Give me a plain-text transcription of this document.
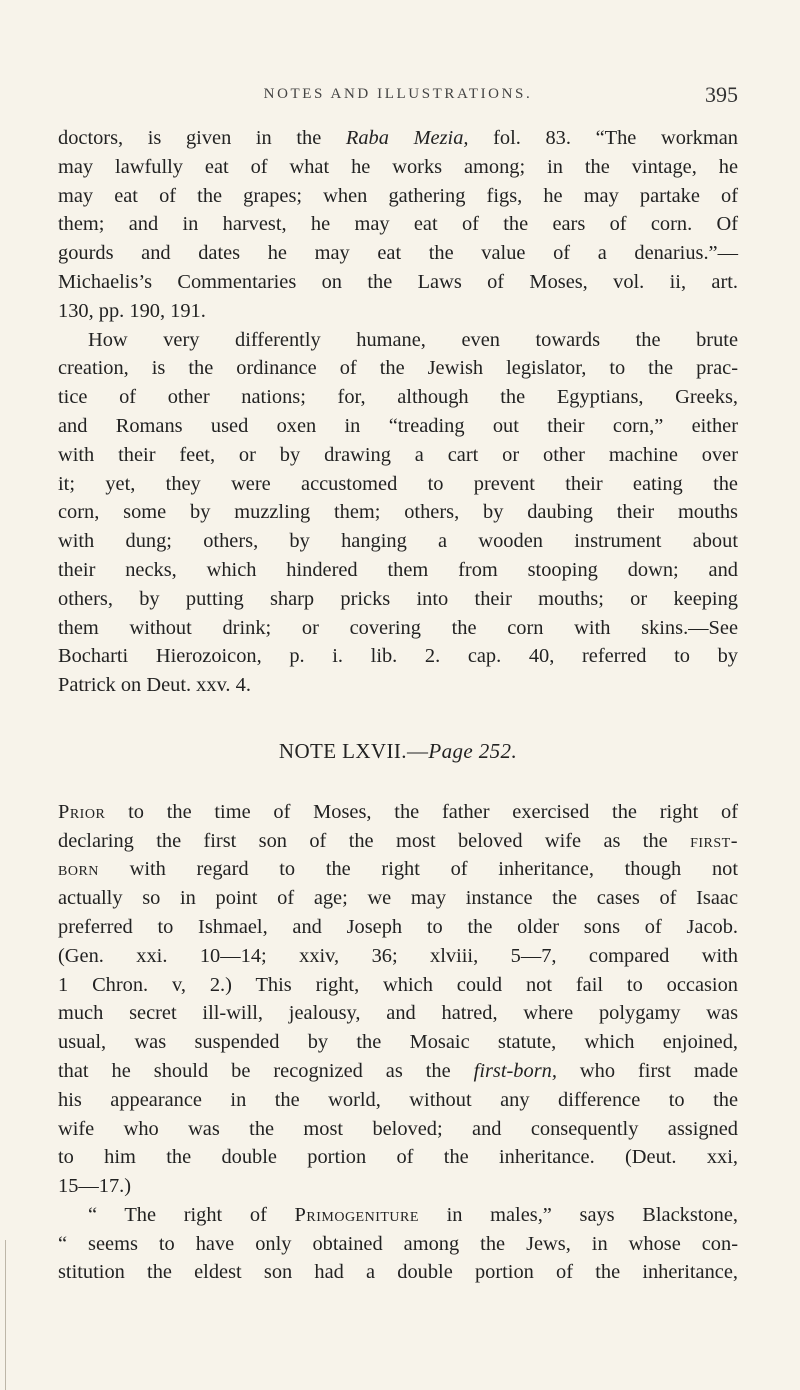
NOTES AND ILLUSTRATIONS.	395
doctors, is given in the Raba Mezia, fol. 83. “The workman
may lawfully eat of what he works among; in the vintage, he
may eat of the grapes; when gathering figs, he may partake of
them; and in harvest, he may eat of the ears of corn. Of
gourds and dates he may eat the value of a denarius.”—
Michaelis’s Commentaries on the Laws of Moses, vol. ii, art.
130, pp. 190, 191.
How very differently humane, even towards the brute
creation, is the ordinance of the Jewish legislator, to the prac-
tice of other nations; for, although the Egyptians, Greeks,
and Romans used oxen in “treading out their corn,” either
with their feet, or by drawing a cart or other machine over
it; yet, they were accustomed to prevent their eating the
corn, some by muzzling them; others, by daubing their mouths
with dung; others, by hanging a wooden instrument about
their necks, which hindered them from stooping down; and
others, by putting sharp pricks into their mouths; or keeping
them without drink; or covering the corn with skins.—See
Bocharti Hierozoicon, p. i. lib. 2. cap. 40, referred to by
Patrick on Deut. xxv. 4.
NOTE LXVII.—Page 252.
Prior to the time of Moses, the father exercised the right of
declaring the first son of the most beloved wife as the first-
born with regard to the right of inheritance, though not
actually so in point of age; we may instance the cases of Isaac
preferred to Ishmael, and Joseph to the older sons of Jacob.
(Gen. xxi. 10—14; xxiv, 36; xlviii, 5—7, compared with
1 Chron. v, 2.) This right, which could not fail to occasion
much secret ill-will, jealousy, and hatred, where polygamy was
usual, was suspended by the Mosaic statute, which enjoined,
that he should be recognized as the first-born, who first made
his appearance in the world, without any difference to the
wife who was the most beloved; and consequently assigned
to him the double portion of the inheritance. (Deut. xxi,
15—17.)
“ The right of Primogeniture in males,” says Blackstone,
“ seems to have only obtained among the Jews, in whose con-
stitution the eldest son had a double portion of the inheritance,
